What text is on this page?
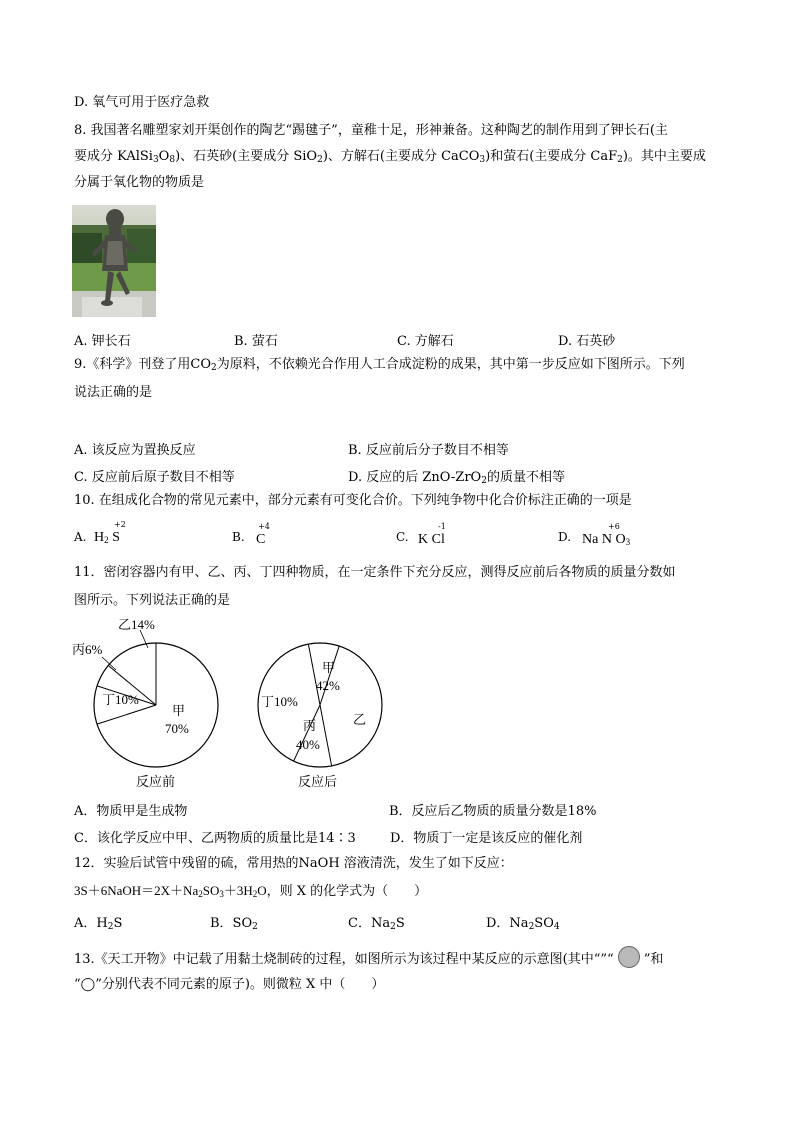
D. 氧气可用于医疗急救
8. 我国著名雕塑家刘开渠创作的陶艺“踢毽子”，童稚十足，形神兼备。这种陶艺的制作用到了钾长石(主
要成分 $KAlSi_3O_8$)、石英砂(主要成分 SiO$_2$)、方解石(主要成分 CaCO$_3$)和萤石(主要成分 CaF$_2$)。其中主要成
分属于氧化物的物质是
A. 钾长石	B. 萤石	C. 方解石	D. 石英砂
9.《科学》刊登了用$CO_2$为原料，不依赖光合作用人工合成淀粉的成果，其中第一步反应如下图所示。下列
说法正确的是
A. 该反应为置换反应	B. 反应前后分子数目不相等
C. 反应前后原子数目不相等	D. 反应的后 ZnO-ZrO$_2$的质量不相等
10. 在组成化合物的常见元素中，部分元素有可变化合价。下列纯争物中化合价标注正确的一项是
A. $H_2$ S
+2
B. C
+4
C. K Cl
-1
D. Na N $O_3$
+6
11．密闭容器内有甲、乙、丙、丁四种物质，在一定条件下充分反应，测得反应前后各物质的质量分数如
图所示。下列说法正确的是
乙14%
丙6%
丁10%
甲
70%
反应前
甲
42%
乙
丙
40%
丁10%
反应后
A．物质甲是生成物	B．反应后乙物质的质量分数是18%
C．该化学反应中甲、乙两物质的质量比是14∶3	D．物质丁一定是该反应的催化剂
12．实验后试管中残留的硫，常用热的NaOH 溶液清洗，发生了如下反应：
$3S+6NaOH=2X+Na_2SO_3+3H_2O$，则 X 的化学式为（　　）
A．$H_2S$	B．$SO_2$	C．$Na_2S$	D．$Na_2SO_4$
13.《天工开物》中记载了用黏土烧制砖的过程，如图所示为该过程中某反应的示意图(其中“”“ ”和
“◯”分别代表不同元素的原子)。则微粒 X 中（　　）
